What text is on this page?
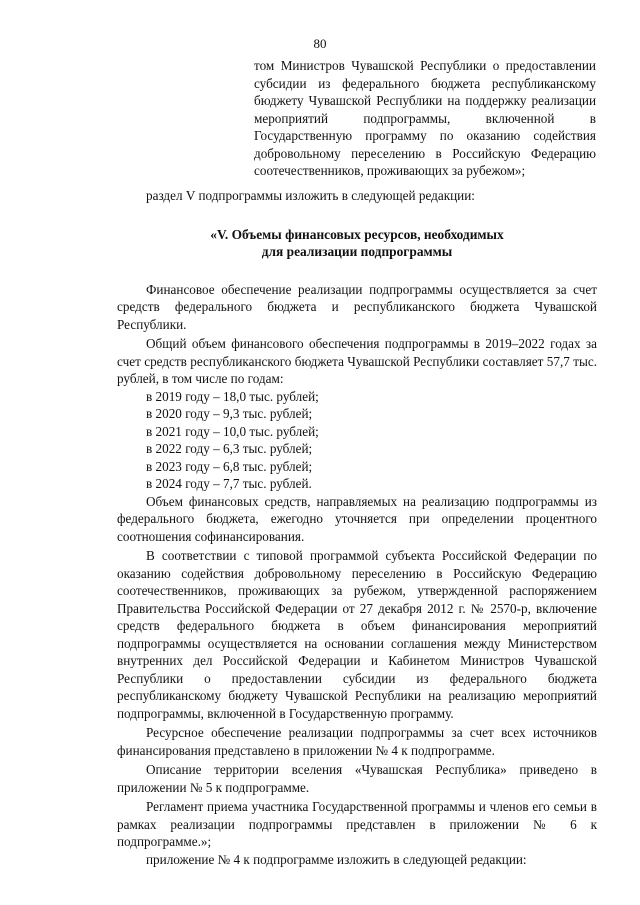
80

том Министров Чувашской Республики о предоставлении субсидии из федерального бюджета республиканскому бюджету Чувашской Республики на поддержку реализации мероприятий подпрограммы, включенной в Государственную программу по оказанию содействия добровольному переселению в Российскую Федерацию соотечественников, проживающих за рубежом»;

раздел V подпрограммы изложить в следующей редакции:

«V. Объемы финансовых ресурсов, необходимых
для реализации подпрограммы

Финансовое обеспечение реализации подпрограммы осуществляется за счет средств федерального бюджета и республиканского бюджета Чувашской Республики.

Общий объем финансового обеспечения подпрограммы в 2019–2022 годах за счет средств республиканского бюджета Чувашской Республики составляет 57,7 тыс. рублей, в том числе по годам:

в 2019 году – 18,0 тыс. рублей;

в 2020 году – 9,3 тыс. рублей;

в 2021 году – 10,0 тыс. рублей;

в 2022 году – 6,3 тыс. рублей;

в 2023 году – 6,8 тыс. рублей;

в 2024 году – 7,7 тыс. рублей.

Объем финансовых средств, направляемых на реализацию подпрограммы из федерального бюджета, ежегодно уточняется при определении процентного соотношения софинансирования.

В соответствии с типовой программой субъекта Российской Федерации по оказанию содействия добровольному переселению в Российскую Федерацию соотечественников, проживающих за рубежом, утвержденной распоряжением Правительства Российской Федерации от 27 декабря 2012 г. № 2570-р, включение средств федерального бюджета в объем финансирования мероприятий подпрограммы осуществляется на основании соглашения между Министерством внутренних дел Российской Федерации и Кабинетом Министров Чувашской Республики о предоставлении субсидии из федерального бюджета республиканскому бюджету Чувашской Республики на реализацию мероприятий подпрограммы, включенной в Государственную программу.

Ресурсное обеспечение реализации подпрограммы за счет всех источников финансирования представлено в приложении № 4 к подпрограмме.

Описание территории вселения «Чувашская Республика» приведено в приложении № 5 к подпрограмме.

Регламент приема участника Государственной программы и членов его семьи в рамках реализации подпрограммы представлен в приложении № 6 к подпрограмме.»;

приложение № 4 к подпрограмме изложить в следующей редакции:
